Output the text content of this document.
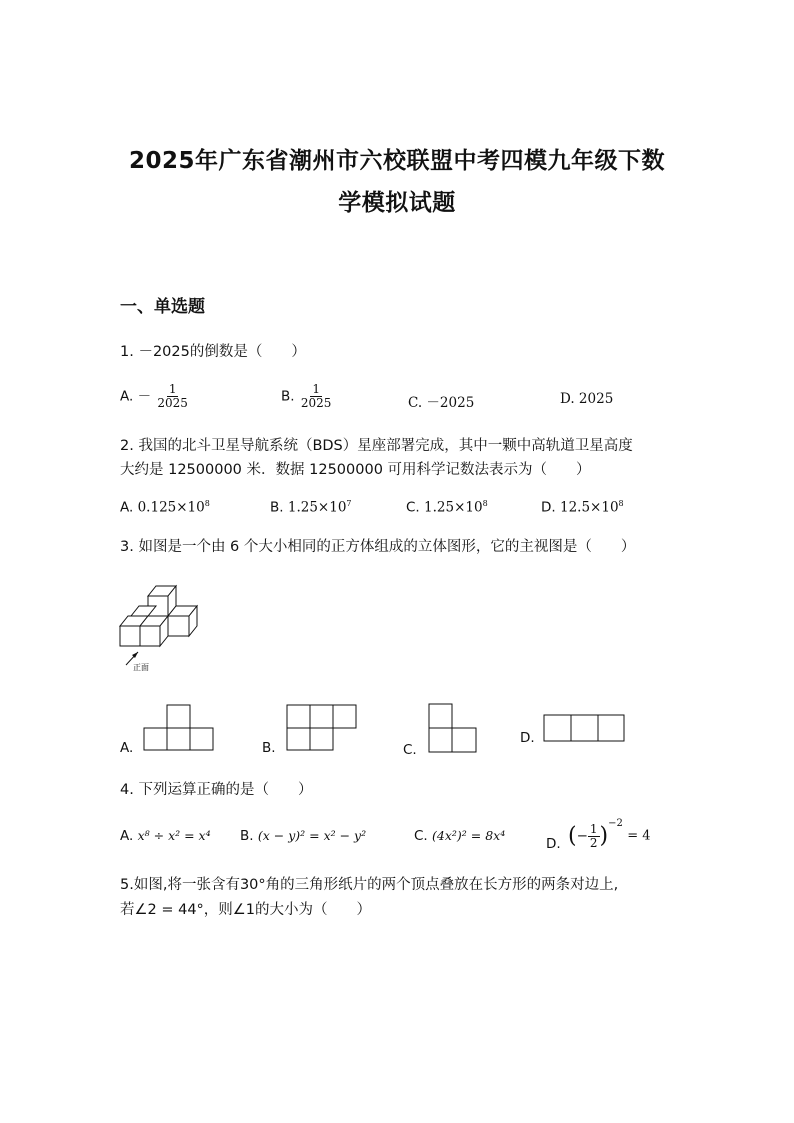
2025年广东省潮州市六校联盟中考四模九年级下数
学模拟试题
一、单选题
1. －2025的倒数是（　　）
A. － $\frac{1}{2025}$	B. $\frac{1}{2025}$	C. －2025	D. 2025
2. 我国的北斗卫星导航系统（BDS）星座部署完成，其中一颗中高轨道卫星高度
大约是 12500000 米．数据 12500000 可用科学记数法表示为（　　）
A. $0.125\times 10^8$	B. $1.25\times 10^7$	C. $1.25\times 10^8$	D. $12.5\times 10^8$
3. 如图是一个由 6 个大小相同的正方体组成的立体图形，它的主视图是（　　）
正面
A.	B.	C.
D.
4. 下列运算正确的是（　　）
A. x⁸ ÷ x² = x⁴ B. (x − y)² = x² − y²	C. (4x²)² = 8x⁴
D. (− $\frac{1}{2} )^{-2} = 4$
5.如图,将一张含有30°角的三角形纸片的两个顶点叠放在长方形的两条对边上,
若∠2 = 44°，则∠1的大小为（　　）
